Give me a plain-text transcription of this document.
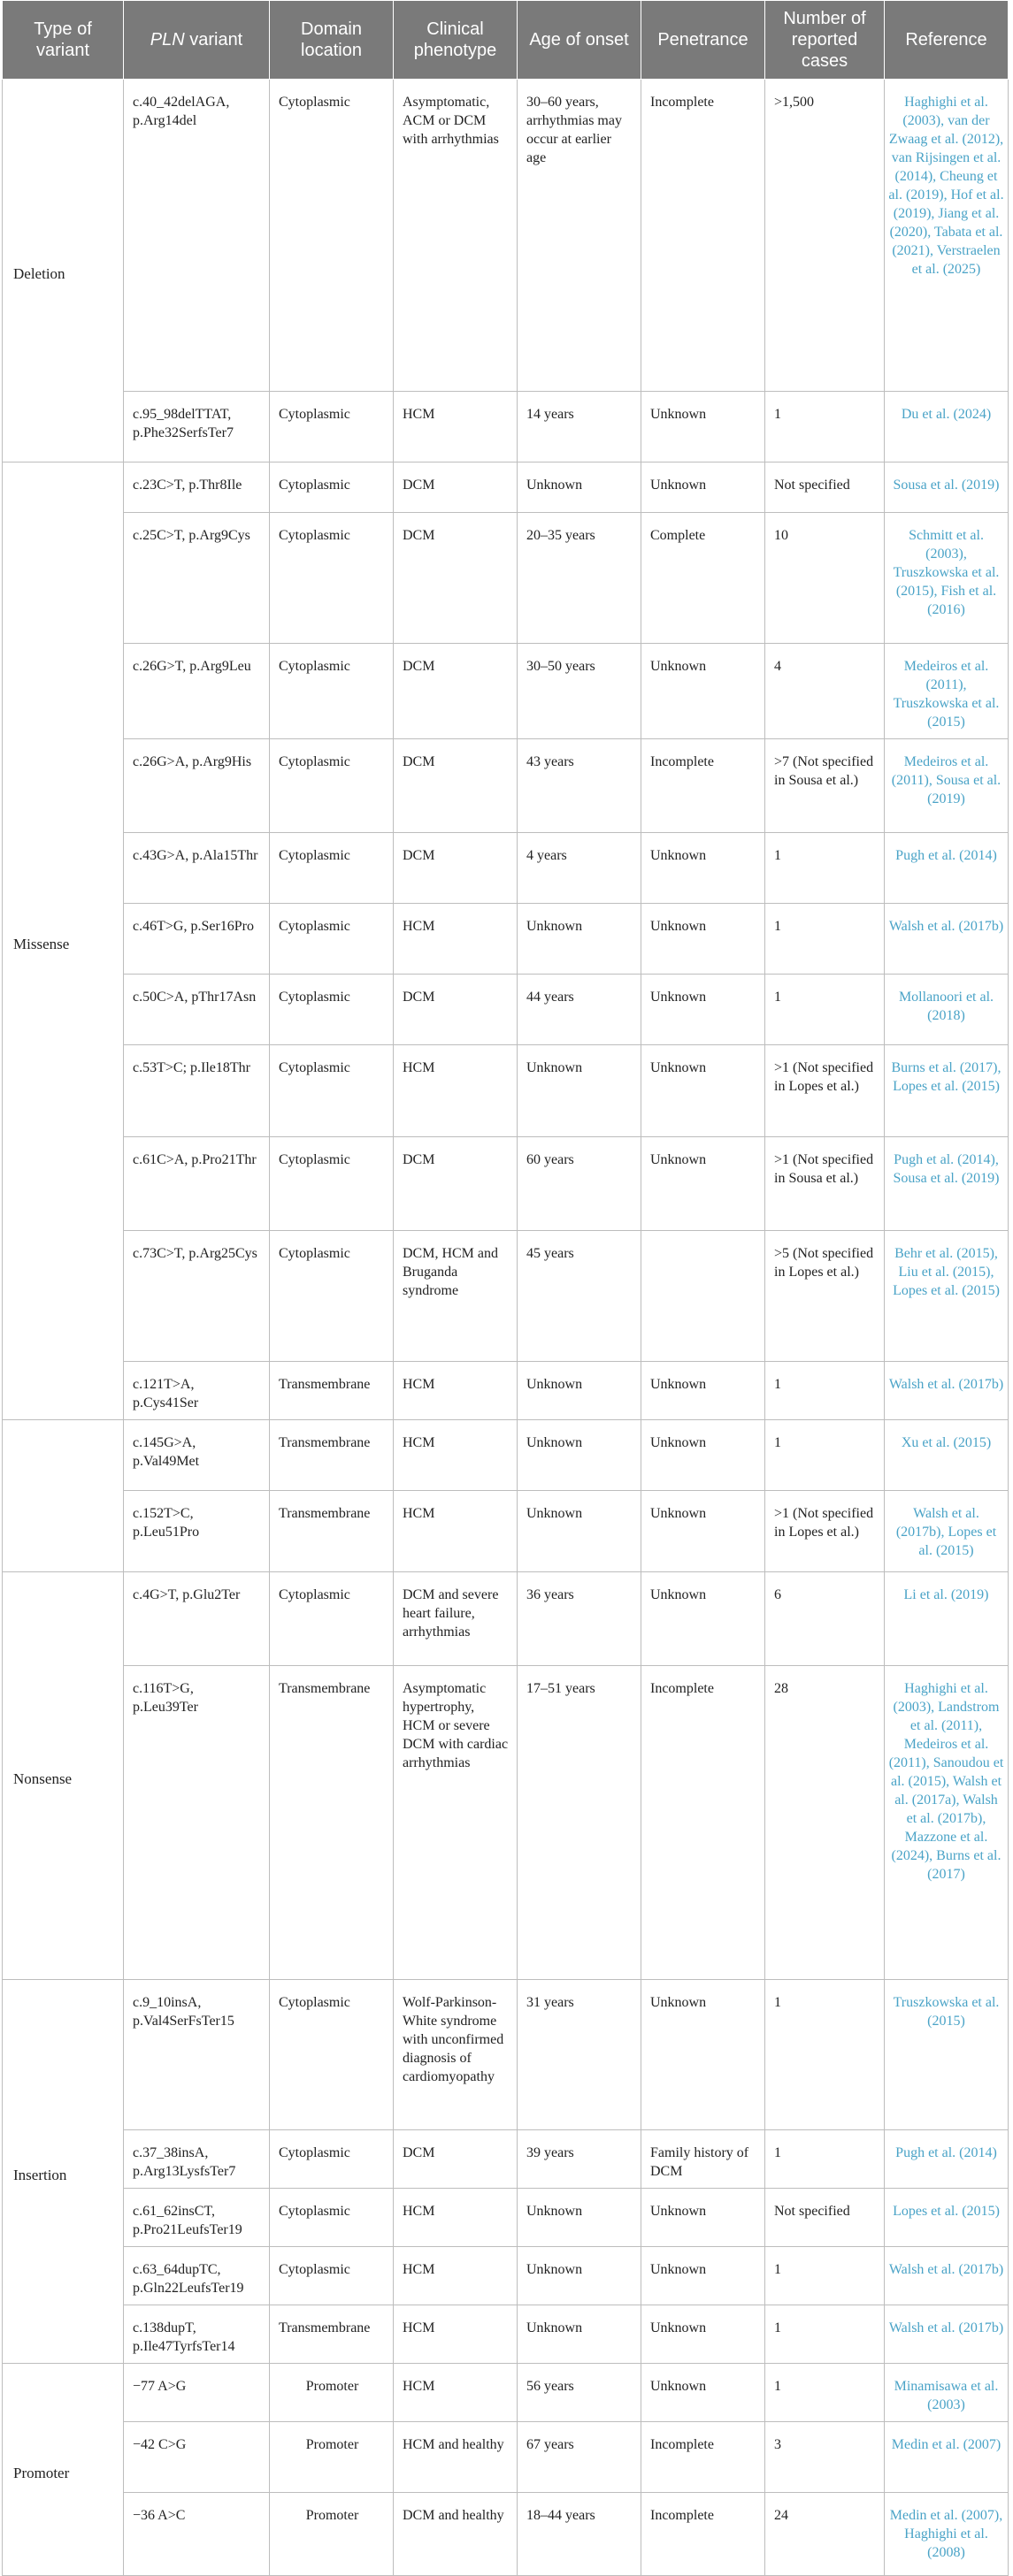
Type of variant	PLN variant	Domain location	Clinical phenotype	Age of onset	Penetrance	Number of reported cases	Reference
Deletion	c.40_42delAGA, p.Arg14del	Cytoplasmic	Asymptomatic, ACM or DCM with arrhythmias	30–60 years, arrhythmias may occur at earlier age	Incomplete	>1,500	Haghighi et al. (2003), van der Zwaag et al. (2012), van Rijsingen et al. (2014), Cheung et al. (2019), Hof et al. (2019), Jiang et al. (2020), Tabata et al. (2021), Verstraelen et al. (2025)
	c.95_98delTTAT, p.Phe32SerfsTer7	Cytoplasmic	HCM	14 years	Unknown	1	Du et al. (2024)
Missense	c.23C>T, p.Thr8Ile	Cytoplasmic	DCM	Unknown	Unknown	Not specified	Sousa et al. (2019)
	c.25C>T, p.Arg9Cys	Cytoplasmic	DCM	20–35 years	Complete	10	Schmitt et al. (2003), Truszkowska et al. (2015), Fish et al. (2016)
	c.26G>T, p.Arg9Leu	Cytoplasmic	DCM	30–50 years	Unknown	4	Medeiros et al. (2011), Truszkowska et al. (2015)
	c.26G>A, p.Arg9His	Cytoplasmic	DCM	43 years	Incomplete	>7 (Not specified in Sousa et al.)	Medeiros et al. (2011), Sousa et al. (2019)
	c.43G>A, p.Ala15Thr	Cytoplasmic	DCM	4 years	Unknown	1	Pugh et al. (2014)
	c.46T>G, p.Ser16Pro	Cytoplasmic	HCM	Unknown	Unknown	1	Walsh et al. (2017b)
	c.50C>A, pThr17Asn	Cytoplasmic	DCM	44 years	Unknown	1	Mollanoori et al. (2018)
	c.53T>C; p.Ile18Thr	Cytoplasmic	HCM	Unknown	Unknown	>1 (Not specified in Lopes et al.)	Burns et al. (2017), Lopes et al. (2015)
	c.61C>A, p.Pro21Thr	Cytoplasmic	DCM	60 years	Unknown	>1 (Not specified in Sousa et al.)	Pugh et al. (2014), Sousa et al. (2019)
	c.73C>T, p.Arg25Cys	Cytoplasmic	DCM, HCM and Bruganda syndrome	45 years		>5 (Not specified in Lopes et al.)	Behr et al. (2015), Liu et al. (2015), Lopes et al. (2015)
	c.121T>A, p.Cys41Ser	Transmembrane	HCM	Unknown	Unknown	1	Walsh et al. (2017b)
	c.145G>A, p.Val49Met	Transmembrane	HCM	Unknown	Unknown	1	Xu et al. (2015)
	c.152T>C, p.Leu51Pro	Transmembrane	HCM	Unknown	Unknown	>1 (Not specified in Lopes et al.)	Walsh et al. (2017b), Lopes et al. (2015)
Nonsense	c.4G>T, p.Glu2Ter	Cytoplasmic	DCM and severe heart failure, arrhythmias	36 years	Unknown	6	Li et al. (2019)
	c.116T>G, p.Leu39Ter	Transmembrane	Asymptomatic hypertrophy, HCM or severe DCM with cardiac arrhythmias	17–51 years	Incomplete	28	Haghighi et al. (2003), Landstrom et al. (2011), Medeiros et al. (2011), Sanoudou et al. (2015), Walsh et al. (2017a), Walsh et al. (2017b), Mazzone et al. (2024), Burns et al. (2017)
Insertion	c.9_10insA, p.Val4SerFsTer15	Cytoplasmic	Wolf-Parkinson-White syndrome with unconfirmed diagnosis of cardiomyopathy	31 years	Unknown	1	Truszkowska et al. (2015)
	c.37_38insA, p.Arg13LysfsTer7	Cytoplasmic	DCM	39 years	Family history of DCM	1	Pugh et al. (2014)
	c.61_62insCT, p.Pro21LeufsTer19	Cytoplasmic	HCM	Unknown	Unknown	Not specified	Lopes et al. (2015)
	c.63_64dupTC, p.Gln22LeufsTer19	Cytoplasmic	HCM	Unknown	Unknown	1	Walsh et al. (2017b)
	c.138dupT, p.Ile47TyrfsTer14	Transmembrane	HCM	Unknown	Unknown	1	Walsh et al. (2017b)
Promoter	−77 A>G	Promoter	HCM	56 years	Unknown	1	Minamisawa et al. (2003)
	−42 C>G	Promoter	HCM and healthy	67 years	Incomplete	3	Medin et al. (2007)
	−36 A>C	Promoter	DCM and healthy	18–44 years	Incomplete	24	Medin et al. (2007), Haghighi et al. (2008)
